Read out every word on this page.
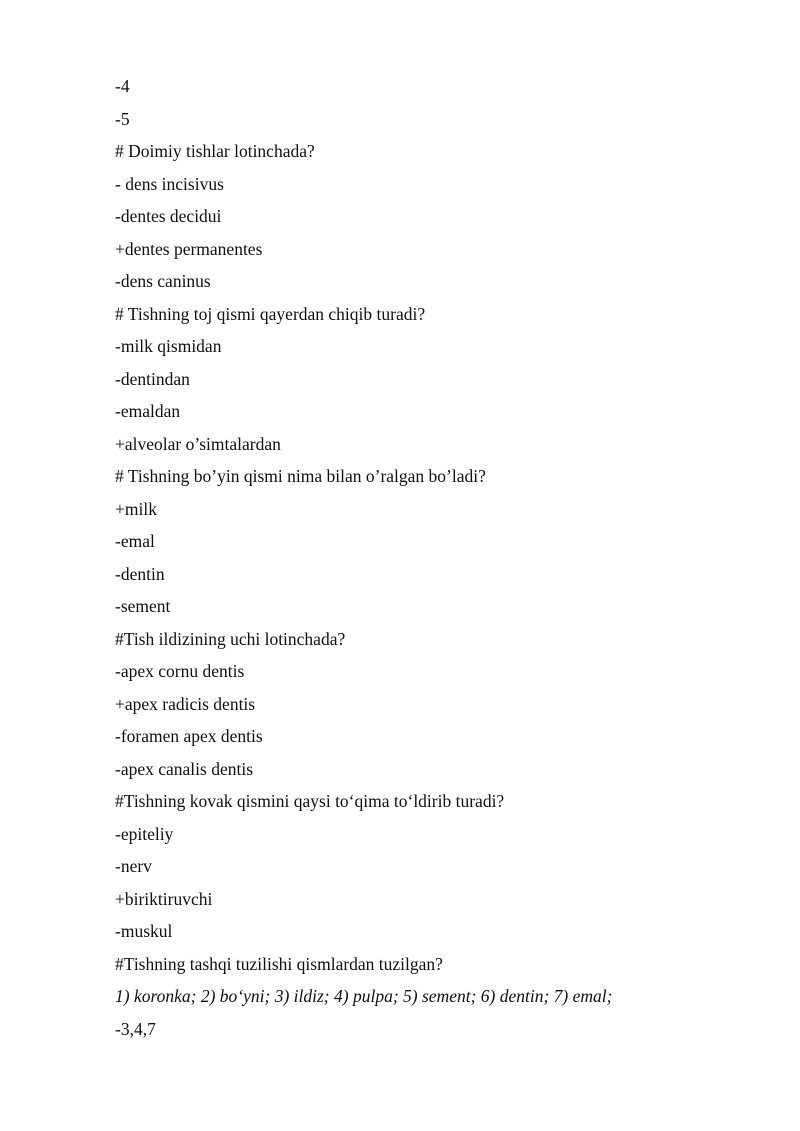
-4
-5
# Doimiy tishlar lotinchada?
- dens incisivus
-dentes decidui
+dentes permanentes
-dens caninus
# Tishning toj qismi qayerdan chiqib turadi?
-milk qismidan
-dentindan
-emaldan
+alveolar o’simtalardan
# Tishning bo’yin qismi nima bilan o’ralgan bo’ladi?
+milk
-emal
-dentin
-sement
#Tish ildizining uchi lotinchada?
-apex cornu dentis
+apex radicis dentis
-foramen apex dentis
-apex canalis dentis
#Tishning kovak qismini qaysi to‘qima to‘ldirib turadi?
-epiteliy
-nerv
+biriktiruvchi
-muskul
#Tishning tashqi tuzilishi qismlardan tuzilgan?
1) koronka; 2) bo‘yni; 3) ildiz; 4) pulpa; 5) sement; 6) dentin; 7) emal;
-3,4,7
